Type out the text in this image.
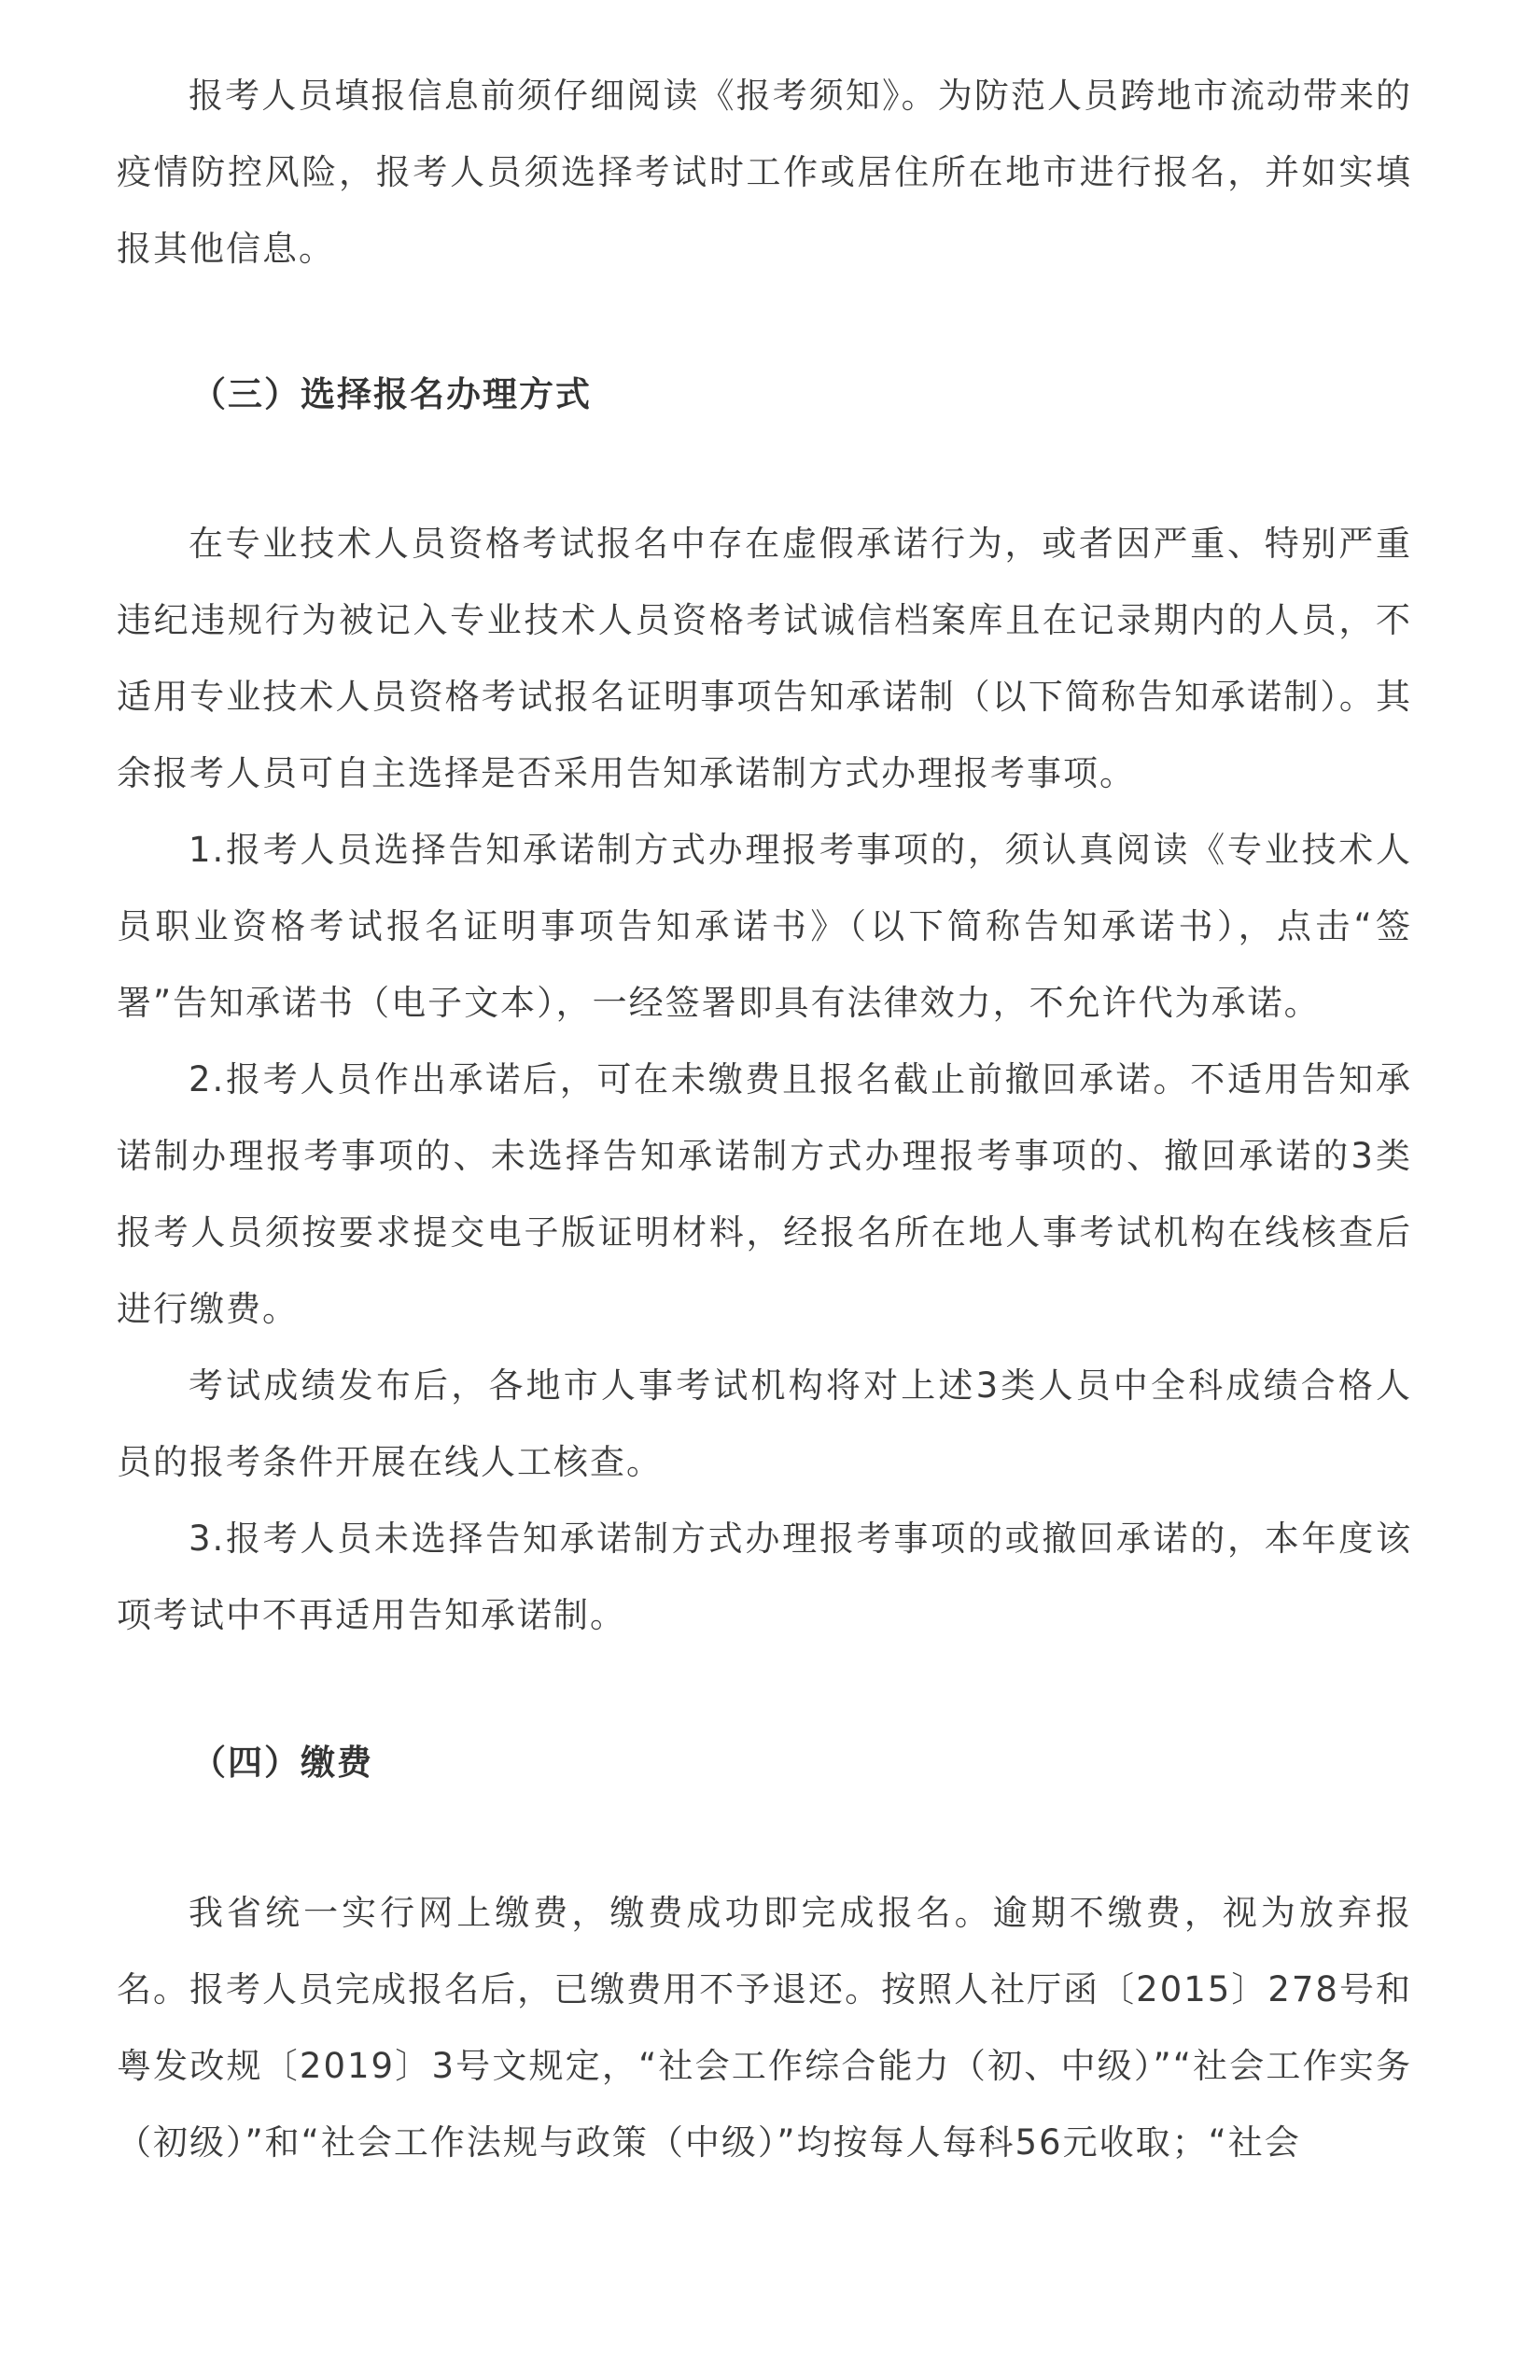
报考人员填报信息前须仔细阅读《报考须知》。为防范人员跨地市流动带来的疫情防控风险，报考人员须选择考试时工作或居住所在地市进行报名，并如实填报其他信息。

（三）选择报名办理方式

在专业技术人员资格考试报名中存在虚假承诺行为，或者因严重、特别严重违纪违规行为被记入专业技术人员资格考试诚信档案库且在记录期内的人员，不适用专业技术人员资格考试报名证明事项告知承诺制（以下简称告知承诺制）。其余报考人员可自主选择是否采用告知承诺制方式办理报考事项。

1.报考人员选择告知承诺制方式办理报考事项的，须认真阅读《专业技术人员职业资格考试报名证明事项告知承诺书》（以下简称告知承诺书），点击“签署”告知承诺书（电子文本），一经签署即具有法律效力，不允许代为承诺。

2.报考人员作出承诺后，可在未缴费且报名截止前撤回承诺。不适用告知承诺制办理报考事项的、未选择告知承诺制方式办理报考事项的、撤回承诺的3类报考人员须按要求提交电子版证明材料，经报名所在地人事考试机构在线核查后进行缴费。

考试成绩发布后，各地市人事考试机构将对上述3类人员中全科成绩合格人员的报考条件开展在线人工核查。

3.报考人员未选择告知承诺制方式办理报考事项的或撤回承诺的，本年度该项考试中不再适用告知承诺制。

（四）缴费

我省统一实行网上缴费，缴费成功即完成报名。逾期不缴费，视为放弃报名。报考人员完成报名后，已缴费用不予退还。按照人社厅函〔2015〕278号和粤发改规〔2019〕3号文规定，“社会工作综合能力（初、中级）”“社会工作实务（初级）”和“社会工作法规与政策（中级）”均按每人每科56元收取；“社会
